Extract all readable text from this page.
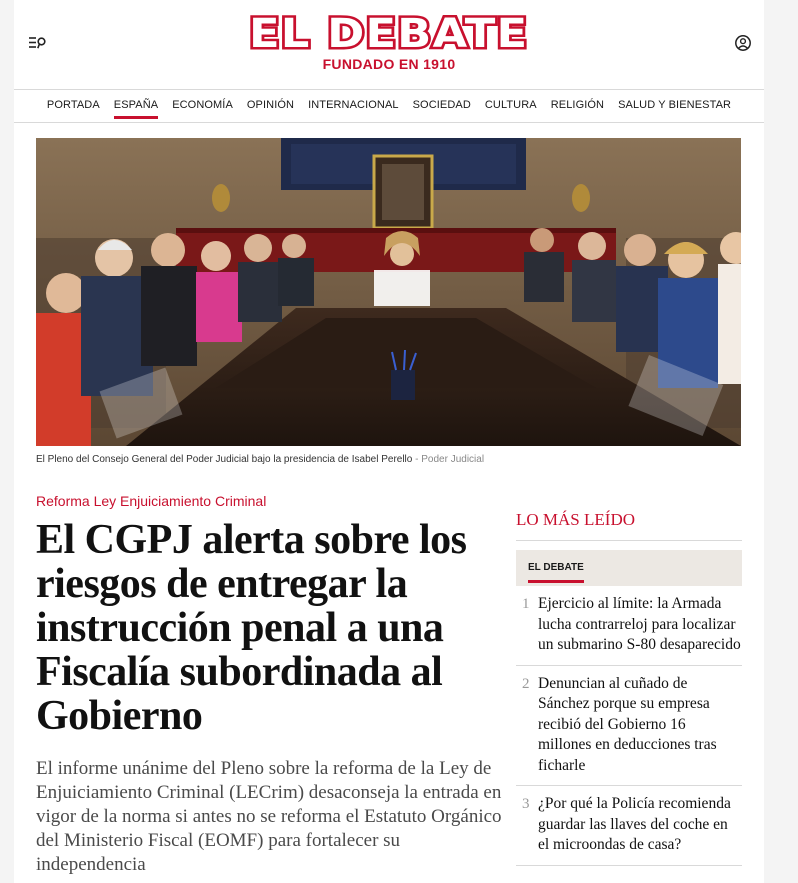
EL DEBATE
FUNDADO EN 1910
PORTADA ESPAÑA ECONOMÍA OPINIÓN INTERNACIONAL SOCIEDAD CULTURA RELIGIÓN SALUD Y BIENESTAR
El Pleno del Consejo General del Poder Judicial bajo la presidencia de Isabel Perello - Poder Judicial
Reforma Ley Enjuiciamiento Criminal
El CGPJ alerta sobre los riesgos de entregar la instrucción penal a una Fiscalía subordinada al Gobierno

El informe unánime del Pleno sobre la reforma de la Ley de Enjuiciamiento Criminal (LECrim) desaconseja la entrada en vigor de la norma si antes no se reforma el Estatuto Orgánico del Ministerio Fiscal (EOMF) para fortalecer su independencia

LO MÁS LEÍDO
EL DEBATE
1 Ejercicio al límite: la Armada lucha contrarreloj para localizar un submarino S-80 desaparecido
2 Denuncian al cuñado de Sánchez porque su empresa recibió del Gobierno 16 millones en deducciones tras ficharle
3 ¿Por qué la Policía recomienda guardar las llaves del coche en el microondas de casa?
